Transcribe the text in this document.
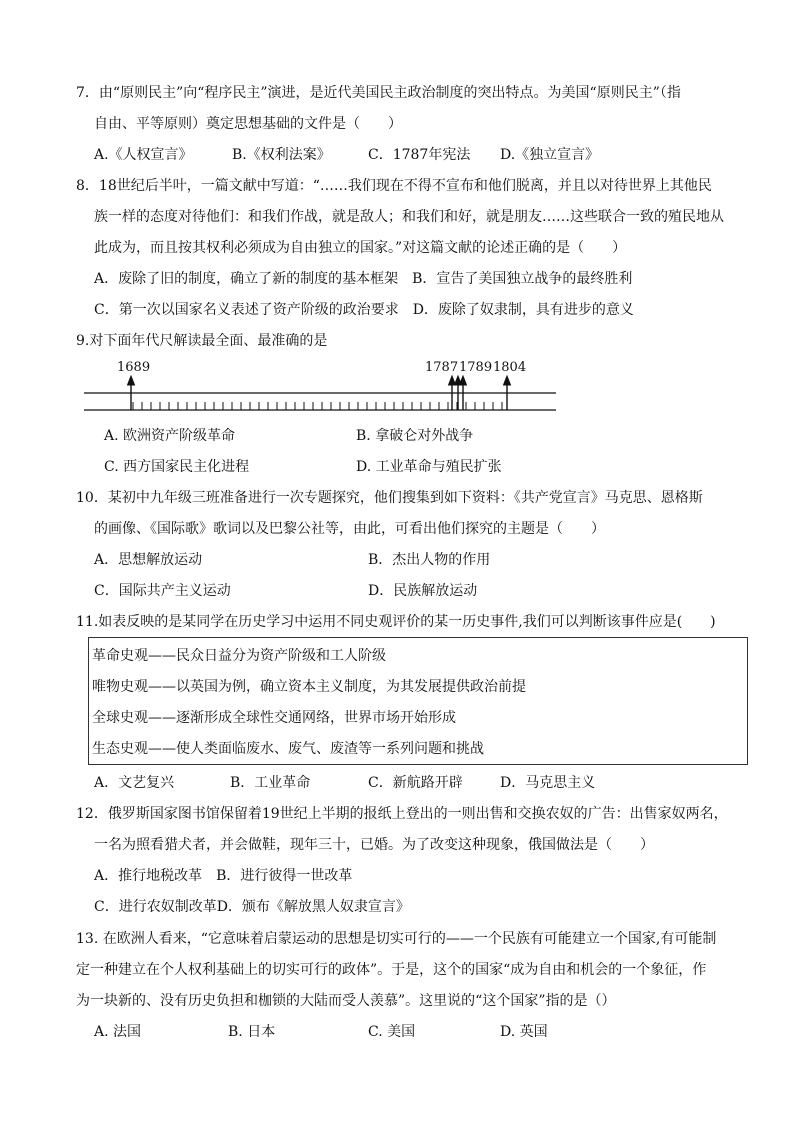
7．由“原则民主”向“程序民主”演进，是近代美国民主政治制度的突出特点。为美国“原则民主”（指
自由、平等原则）奠定思想基础的文件是（　　）
A.《人权宣言》	B.《权利法案》	C．1787年宪法 D.《独立宣言》
8．18世纪后半叶，一篇文献中写道：“……我们现在不得不宣布和他们脱离，并且以对待世界上其他民
族一样的态度对待他们：和我们作战，就是敌人；和我们和好，就是朋友……这些联合一致的殖民地从
此成为，而且按其权利必须成为自由独立的国家。”对这篇文献的论述正确的是（　　）
A．废除了旧的制度，确立了新的制度的基本框架　B．宣告了美国独立战争的最终胜利
C．第一次以国家名义表述了资产阶级的政治要求　D．废除了奴隶制，具有进步的意义
9.对下面年代尺解读最全面、最准确的是
1689	1787 1789 1804
A. 欧洲资产阶级革命	B. 拿破仑对外战争
C. 西方国家民主化进程	D. 工业革命与殖民扩张
10．某初中九年级三班准备进行一次专题探究，他们搜集到如下资料：《共产党宣言》马克思、恩格斯
的画像、《国际歌》歌词以及巴黎公社等，由此，可看出他们探究的主题是（　　）
A．思想解放运动	B．杰出人物的作用
C．国际共产主义运动	D．民族解放运动
11.如表反映的是某同学在历史学习中运用不同史观评价的某一历史事件,我们可以判断该事件应是(　　)
革命史观——民众日益分为资产阶级和工人阶级
唯物史观——以英国为例，确立资本主义制度，为其发展提供政治前提
全球史观——逐渐形成全球性交通网络，世界市场开始形成
生态史观——使人类面临废水、废气、废渣等一系列问题和挑战
A．文艺复兴	B．工业革命	C．新航路开辟	D．马克思主义
12．俄罗斯国家图书馆保留着19世纪上半期的报纸上登出的一则出售和交换农奴的广告：出售家奴两名，
一名为照看猎犬者，并会做鞋，现年三十，已婚。为了改变这种现象，俄国做法是（　　）
A．推行地税改革　B．进行彼得一世改革
C．进行农奴制改革D．颁布《解放黑人奴隶宣言》
13. 在欧洲人看来，“它意味着启蒙运动的思想是切实可行的——一个民族有可能建立一个国家,有可能制
定一种建立在个人权利基础上的切实可行的政体”。于是，这个的国家“成为自由和机会的一个象征，作
为一块新的、没有历史负担和枷锁的大陆而受人羡慕”。这里说的“这个国家”指的是（）
A. 法国	B. 日本	C. 美国	D. 英国
